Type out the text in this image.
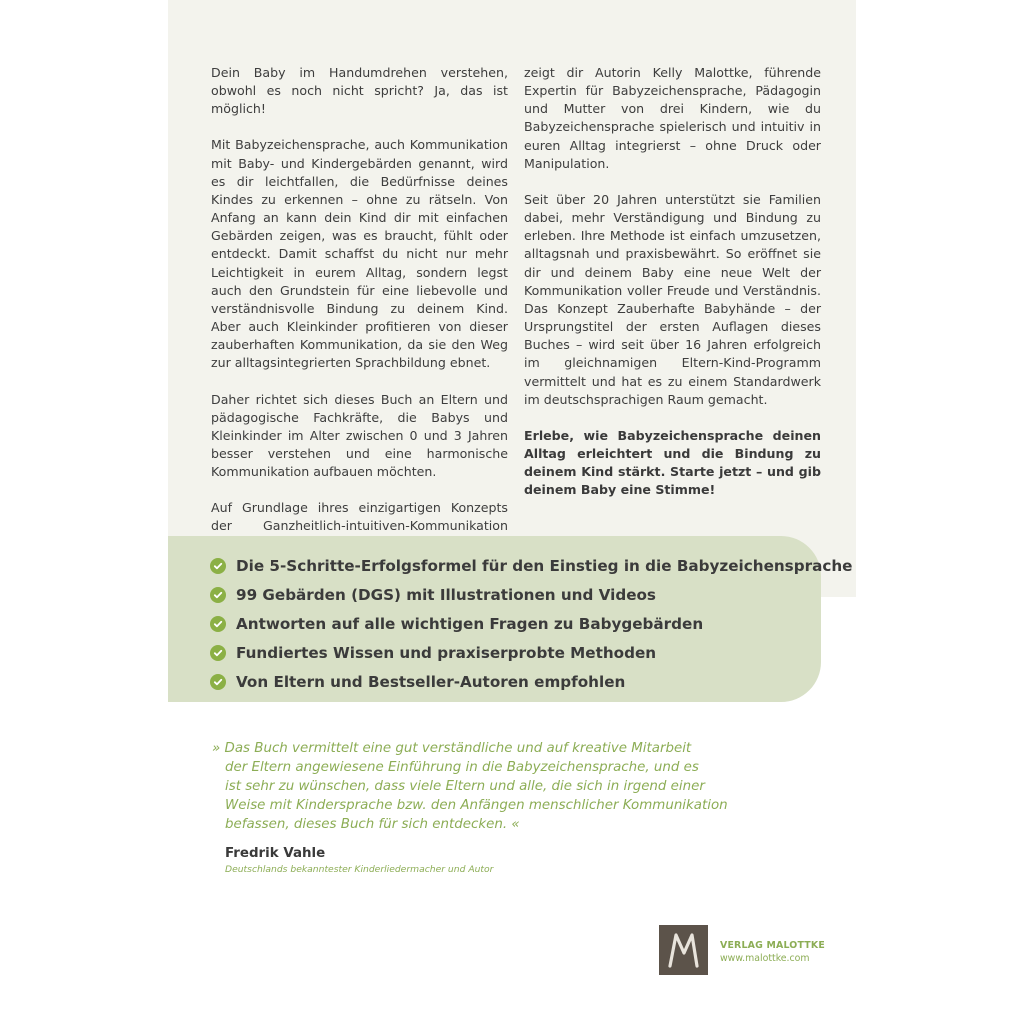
Dein Baby im Handumdrehen verstehen, obwohl es noch nicht spricht? Ja, das ist möglich!

Mit Babyzeichensprache, auch Kommunikation mit Baby- und Kindergebärden genannt, wird es dir leichtfallen, die Bedürfnisse deines Kindes zu erkennen – ohne zu rätseln. Von Anfang an kann dein Kind dir mit einfachen Gebärden zeigen, was es braucht, fühlt oder entdeckt. Damit schaffst du nicht nur mehr Leichtigkeit in eurem Alltag, sondern legst auch den Grundstein für eine liebevolle und verständnisvolle Bindung zu deinem Kind. Aber auch Kleinkinder profitieren von dieser zauberhaften Kommunikation, da sie den Weg zur alltagsintegrierten Sprachbildung ebnet.

Daher richtet sich dieses Buch an Eltern und pädagogische Fachkräfte, die Babys und Kleinkinder im Alter zwischen 0 und 3 Jahren besser verstehen und eine harmonische Kommunikation aufbauen möchten.

Auf Grundlage ihres einzigartigen Konzepts der Ganzheitlich-intuitiven-Kommunikation

zeigt dir Autorin Kelly Malottke, führende Expertin für Babyzeichensprache, Pädagogin und Mutter von drei Kindern, wie du Babyzeichensprache spielerisch und intuitiv in euren Alltag integrierst – ohne Druck oder Manipulation.

Seit über 20 Jahren unterstützt sie Familien dabei, mehr Verständigung und Bindung zu erleben. Ihre Methode ist einfach umzusetzen, alltagsnah und praxisbewährt. So eröffnet sie dir und deinem Baby eine neue Welt der Kommunikation voller Freude und Verständnis. Das Konzept Zauberhafte Babyhände – der Ursprungstitel der ersten Auflagen dieses Buches – wird seit über 16 Jahren erfolgreich im gleichnamigen Eltern-Kind-Programm vermittelt und hat es zu einem Standardwerk im deutschsprachigen Raum gemacht.

Erlebe, wie Babyzeichensprache deinen Alltag erleichtert und die Bindung zu deinem Kind stärkt. Starte jetzt – und gib deinem Baby eine Stimme!

Die 5-Schritte-Erfolgsformel für den Einstieg in die Babyzeichensprache
99 Gebärden (DGS) mit Illustrationen und Videos
Antworten auf alle wichtigen Fragen zu Babygebärden
Fundiertes Wissen und praxiserprobte Methoden
Von Eltern und Bestseller-Autoren empfohlen
» Das Buch vermittelt eine gut verständliche und auf kreative Mitarbeit
der Eltern angewiesene Einführung in die Babyzeichensprache, und es
ist sehr zu wünschen, dass viele Eltern und alle, die sich in irgend einer
Weise mit Kindersprache bzw. den Anfängen menschlicher Kommunikation
befassen, dieses Buch für sich entdecken. «
Fredrik Vahle
Deutschlands bekanntester Kinderliedermacher und Autor
VERLAG MALOTTKE
www.malottke.com
